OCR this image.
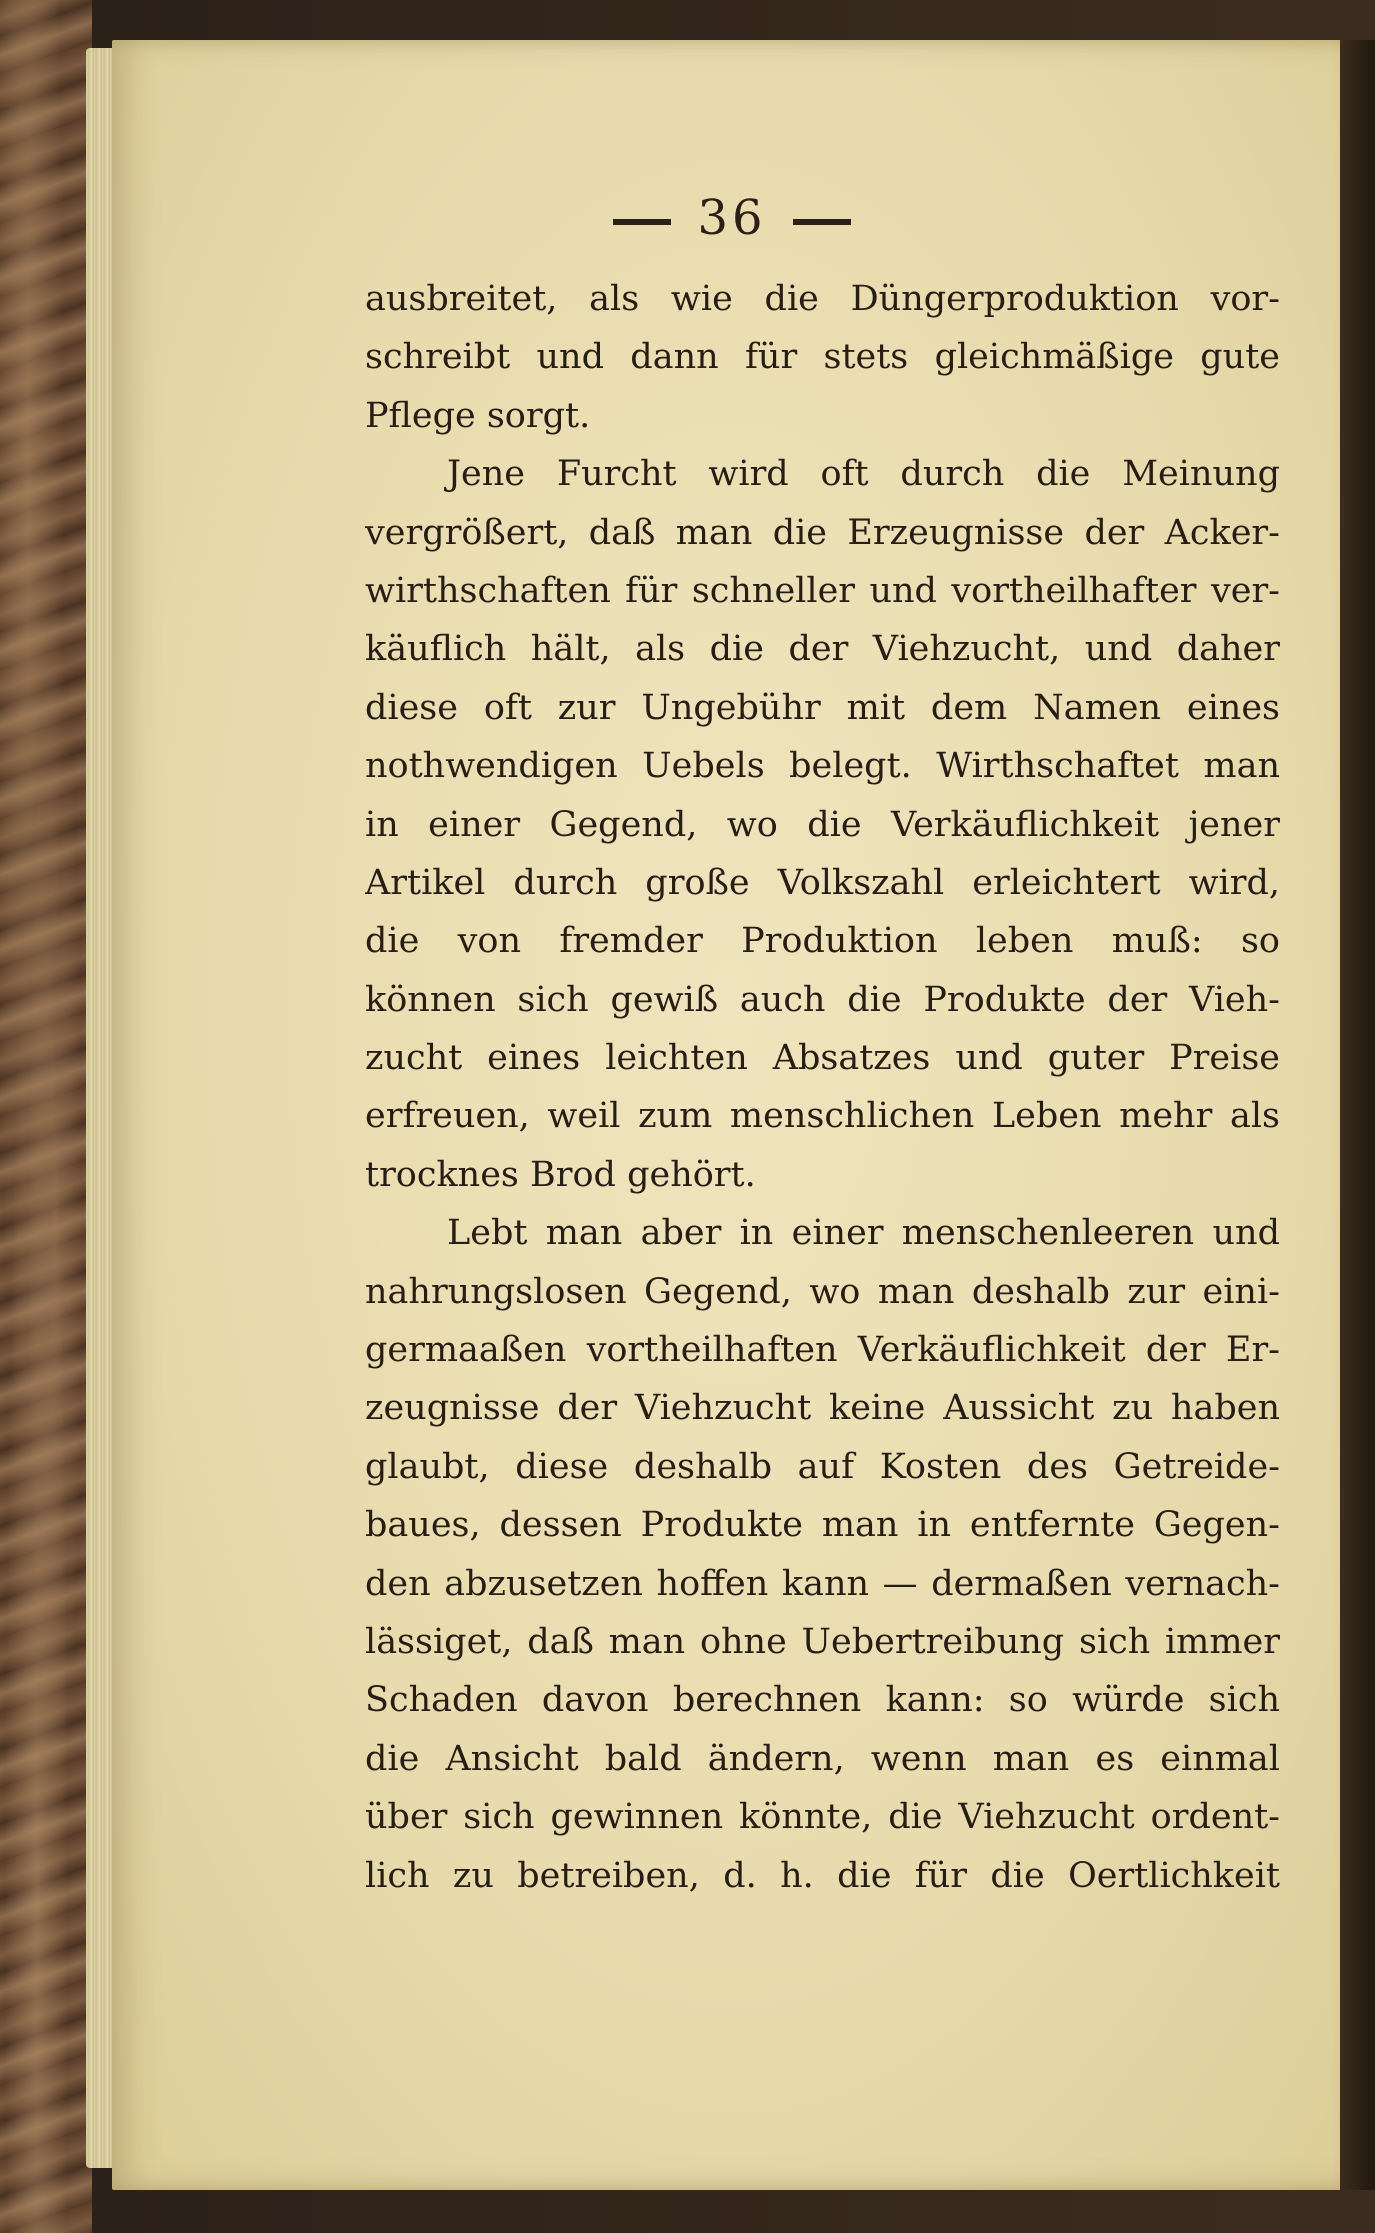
36
ausbreitet, als wie die Düngerproduktion vor-
schreibt und dann für stets gleichmäßige gute
Pflege sorgt.
Jene Furcht wird oft durch die Meinung
vergrößert, daß man die Erzeugnisse der Acker-
wirthschaften für schneller und vortheilhafter ver-
käuflich hält, als die der Viehzucht, und daher
diese oft zur Ungebühr mit dem Namen eines
nothwendigen Uebels belegt. Wirthschaftet man
in einer Gegend, wo die Verkäuflichkeit jener
Artikel durch große Volkszahl erleichtert wird,
die von fremder Produktion leben muß: so
können sich gewiß auch die Produkte der Vieh-
zucht eines leichten Absatzes und guter Preise
erfreuen, weil zum menschlichen Leben mehr als
trocknes Brod gehört.
Lebt man aber in einer menschenleeren und
nahrungslosen Gegend, wo man deshalb zur eini-
germaaßen vortheilhaften Verkäuflichkeit der Er-
zeugnisse der Viehzucht keine Aussicht zu haben
glaubt, diese deshalb auf Kosten des Getreide-
baues, dessen Produkte man in entfernte Gegen-
den abzusetzen hoffen kann — dermaßen vernach-
lässiget, daß man ohne Uebertreibung sich immer
Schaden davon berechnen kann: so würde sich
die Ansicht bald ändern, wenn man es einmal
über sich gewinnen könnte, die Viehzucht ordent-
lich zu betreiben, d. h. die für die Oertlichkeit
